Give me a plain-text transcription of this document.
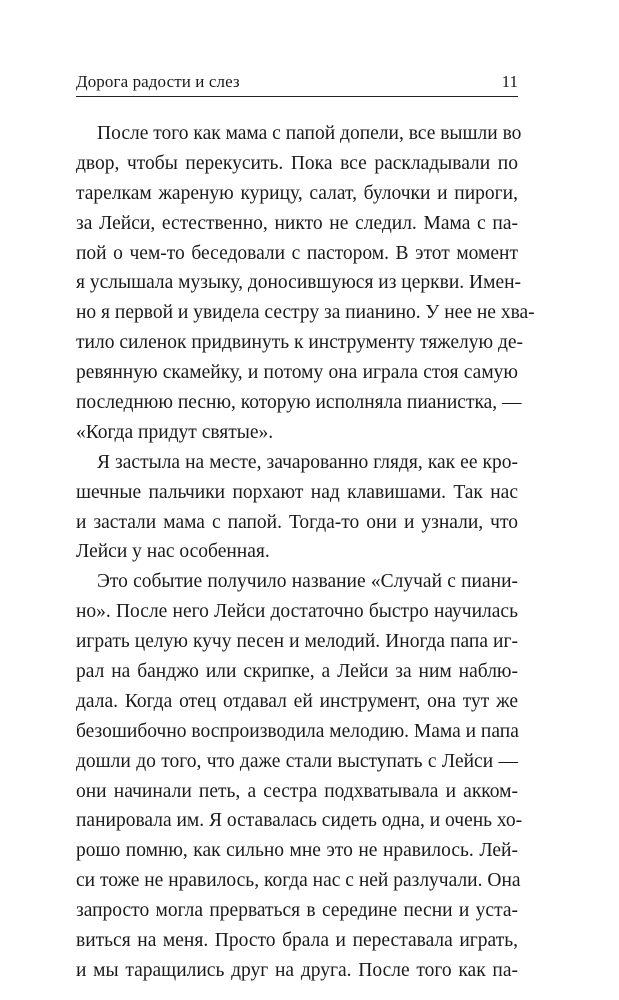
Дорога радости и слез	11
После того как мама с папой допели, все вышли во
двор, чтобы перекусить. Пока все раскладывали по
тарелкам жареную курицу, салат, булочки и пироги,
за Лейси, естественно, никто не следил. Мама с па-
пой о чем-то беседовали с пастором. В этот момент
я услышала музыку, доносившуюся из церкви. Имен-
но я первой и увидела сестру за пианино. У нее не хва-
тило силенок придвинуть к инструменту тяжелую де-
ревянную скамейку, и потому она играла стоя самую
последнюю песню, которую исполняла пианистка, —
«Когда придут святые».
Я застыла на месте, зачарованно глядя, как ее кро-
шечные пальчики порхают над клавишами. Так нас
и застали мама с папой. Тогда-то они и узнали, что
Лейси у нас особенная.
Это событие получило название «Случай с пиани-
но». После него Лейси достаточно быстро научилась
играть целую кучу песен и мелодий. Иногда папа иг-
рал на банджо или скрипке, а Лейси за ним наблю-
дала. Когда отец отдавал ей инструмент, она тут же
безошибочно воспроизводила мелодию. Мама и папа
дошли до того, что даже стали выступать с Лейси —
они начинали петь, а сестра подхватывала и акком-
панировала им. Я оставалась сидеть одна, и очень хо-
рошо помню, как сильно мне это не нравилось. Лей-
си тоже не нравилось, когда нас с ней разлучали. Она
запросто могла прерваться в середине песни и уста-
виться на меня. Просто брала и переставала играть,
и мы таращились друг на друга. После того как па-
